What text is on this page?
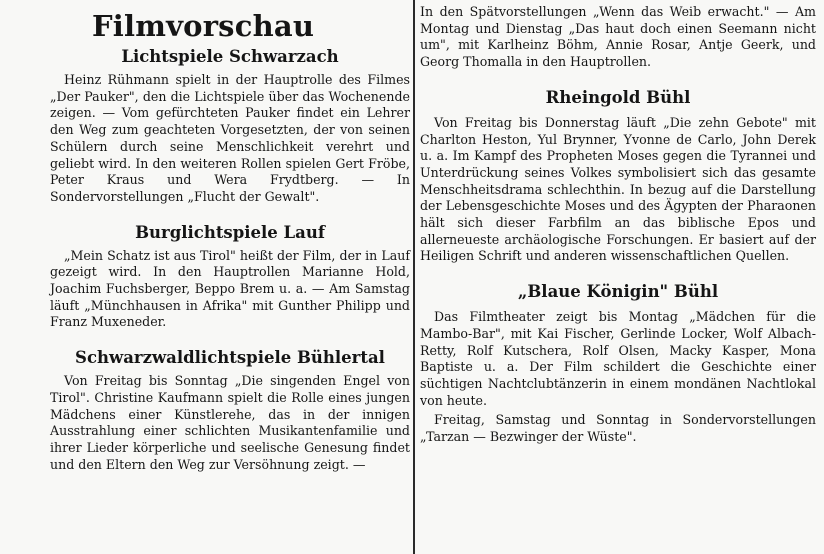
Filmvorschau
Lichtspiele Schwarzach

Heinz Rühmann spielt in der Hauptrolle des Filmes „Der Pauker", den die Lichtspiele über das Wochenende zeigen. — Vom gefürchteten Pauker findet ein Lehrer den Weg zum geachteten Vorgesetzten, der von seinen Schülern durch seine Menschlichkeit verehrt und geliebt wird. In den weiteren Rollen spielen Gert Fröbe, Peter Kraus und Wera Frydtberg. — In Sondervorstellungen „Flucht der Gewalt".

Burglichtspiele Lauf

„Mein Schatz ist aus Tirol" heißt der Film, der in Lauf gezeigt wird. In den Hauptrollen Marianne Hold, Joachim Fuchsberger, Beppo Brem u. a. — Am Samstag läuft „Münchhausen in Afrika" mit Gunther Philipp und Franz Muxeneder.

Schwarzwaldlichtspiele Bühlertal

Von Freitag bis Sonntag „Die singenden Engel von Tirol". Christine Kaufmann spielt die Rolle eines jungen Mädchens einer Künstlerehe, das in der innigen Ausstrahlung einer schlichten Musikantenfamilie und ihrer Lieder körperliche und seelische Genesung findet und den Eltern den Weg zur Versöhnung zeigt. —

In den Spätvorstellungen „Wenn das Weib erwacht." — Am Montag und Dienstag „Das haut doch einen Seemann nicht um", mit Karlheinz Böhm, Annie Rosar, Antje Geerk, und Georg Thomalla in den Hauptrollen.

Rheingold Bühl

Von Freitag bis Donnerstag läuft „Die zehn Gebote" mit Charlton Heston, Yul Brynner, Yvonne de Carlo, John Derek u. a. Im Kampf des Propheten Moses gegen die Tyrannei und Unterdrückung seines Volkes symbolisiert sich das gesamte Menschheitsdrama schlechthin. In bezug auf die Darstellung der Lebensgeschichte Moses und des Ägypten der Pharaonen hält sich dieser Farbfilm an das biblische Epos und allerneueste archäologische Forschungen. Er basiert auf der Heiligen Schrift und anderen wissenschaftlichen Quellen.

„Blaue Königin" Bühl

Das Filmtheater zeigt bis Montag „Mädchen für die Mambo-Bar", mit Kai Fischer, Gerlinde Locker, Wolf Albach-Retty, Rolf Kutschera, Rolf Olsen, Macky Kasper, Mona Baptiste u. a. Der Film schildert die Geschichte einer süchtigen Nachtclubtänzerin in einem mondänen Nachtlokal von heute.

Freitag, Samstag und Sonntag in Sondervorstellungen „Tarzan — Bezwinger der Wüste".
